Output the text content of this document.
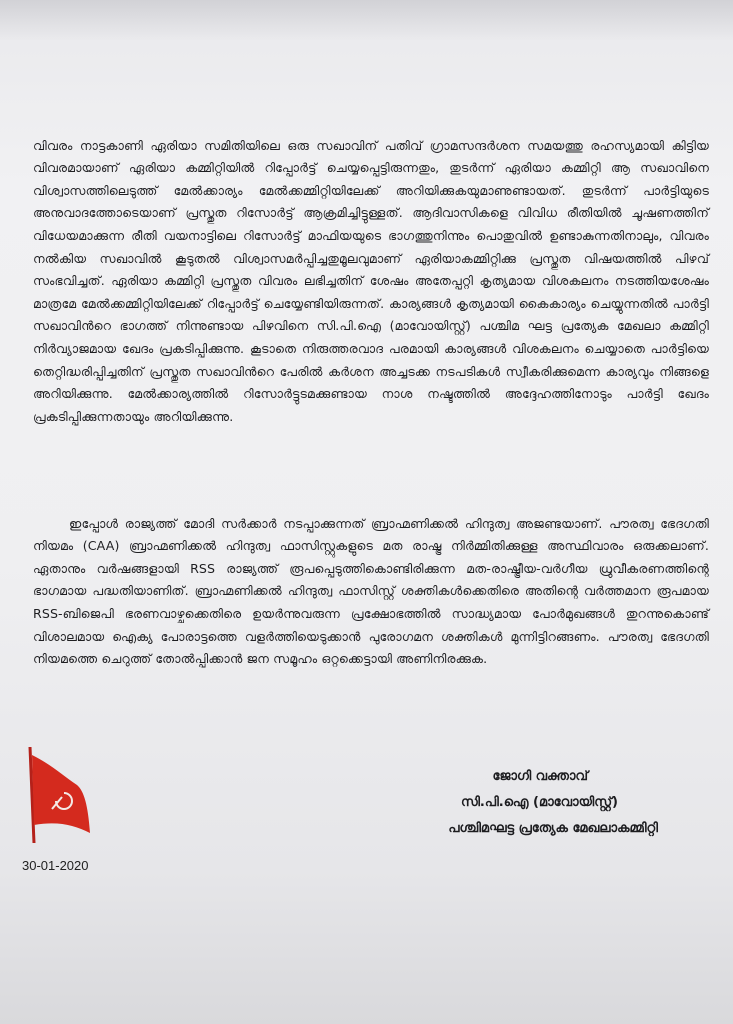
വിവരം നാട്ടകാണി ഏരിയാ സമിതിയിലെ ഒരു സഖാവിന് പതിവ് ഗ്രാമസന്ദർശന സമയത്തു രഹസ്യമായി കിട്ടിയ വിവരമായാണ് ഏരിയാ കമ്മിറ്റിയിൽ റിപ്പോർട്ട് ചെയ്യപ്പെട്ടിരുന്നതും, തുടർന്ന് ഏരിയാ കമ്മിറ്റി ആ സഖാവിനെ വിശ്വാസത്തിലെടുത്ത് മേൽക്കാര്യം മേൽക്കമ്മിറ്റിയിലേക്ക് അറിയിക്കുകയുമാണുണ്ടായത്. തുടർന്ന് പാർട്ടിയുടെ അനുവാദത്തോടെയാണ് പ്രസ്തുത റിസോർട്ട് ആക്രമിച്ചിട്ടുള്ളത്. ആദിവാസികളെ വിവിധ രീതിയിൽ ചൂഷണത്തിന് വിധേയമാക്കുന്ന രീതി വയനാട്ടിലെ റിസോർട്ട് മാഫിയയുടെ ഭാഗത്തുനിന്നും പൊതുവിൽ ഉണ്ടാകുന്നതിനാലും, വിവരം നൽകിയ സഖാവിൽ കൂടുതൽ വിശ്വാസമർപ്പിച്ചതുമൂലവുമാണ് ഏരിയാകമ്മിറ്റിക്കു പ്രസ്തുത വിഷയത്തിൽ പിഴവ് സംഭവിച്ചത്. ഏരിയാ കമ്മിറ്റി പ്രസ്തുത വിവരം ലഭിച്ചതിന് ശേഷം അതേപ്പറ്റി കൃത്യമായ വിശകലനം നടത്തിയശേഷം മാത്രമേ മേൽക്കമ്മിറ്റിയിലേക്ക് റിപ്പോർട്ട് ചെയ്യേണ്ടിയിരുന്നത്. കാര്യങ്ങൾ കൃത്യമായി കൈകാര്യം ചെയ്യുന്നതിൽ പാർട്ടി സഖാവിൻറെ ഭാഗത്ത് നിന്നുണ്ടായ പിഴവിനെ സി.പി.ഐ (മാവോയിസ്റ്റ്) പശ്ചിമ ഘട്ട പ്രത്യേക മേഖലാ കമ്മിറ്റി നിർവ്യാജമായ ഖേദം പ്രകടിപ്പിക്കുന്നു. കൂടാതെ നിരുത്തരവാദ പരമായി കാര്യങ്ങൾ വിശകലനം ചെയ്യാതെ പാർട്ടിയെ തെറ്റിദ്ധരിപ്പിച്ചതിന് പ്രസ്തുത സഖാവിൻറെ പേരിൽ കർശന അച്ചടക്ക നടപടികൾ സ്വീകരിക്കുമെന്ന കാര്യവും നിങ്ങളെ അറിയിക്കുന്നു. മേൽക്കാര്യത്തിൽ റിസോർട്ടുടമക്കുണ്ടായ നാശ നഷ്ടത്തിൽ അദ്ദേഹത്തിനോടും പാർട്ടി ഖേദം പ്രകടിപ്പിക്കുന്നതായും അറിയിക്കുന്നു.

ഇപ്പോൾ രാജ്യത്ത് മോദി സർക്കാർ നടപ്പാക്കുന്നത് ബ്രാഹ്മണിക്കൽ ഹിന്ദുത്വ അജണ്ടയാണ്. പൗരത്വ ഭേദഗതി നിയമം (CAA) ബ്രാഹ്മണിക്കൽ ഹിന്ദുത്വ ഫാസിസ്റ്റുകളുടെ മത രാഷ്ട്ര നിർമ്മിതിക്കുള്ള അസ്ഥിവാരം ഒരുക്കലാണ്. ഏതാനും വർഷങ്ങളായി RSS രാജ്യത്ത് രൂപപ്പെടുത്തികൊണ്ടിരിക്കുന്ന മത-രാഷ്ട്രീയ-വർഗീയ ധ്രുവീകരണത്തിന്റെ ഭാഗമായ പദ്ധതിയാണിത്. ബ്രാഹ്മണിക്കൽ ഹിന്ദുത്വ ഫാസിസ്റ്റ് ശക്തികൾക്കെതിരെ അതിന്റെ വർത്തമാന രൂപമായ RSS-ബിജെപി ഭരണവാഴ്ചക്കെതിരെ ഉയർന്നുവരുന്ന പ്രക്ഷോഭത്തിൽ സാദ്ധ്യമായ പോർമുഖങ്ങൾ തുറന്നുകൊണ്ട് വിശാലമായ ഐക്യ പോരാട്ടത്തെ വളർത്തിയെടുക്കാൻ പുരോഗമന ശക്തികൾ മുന്നിട്ടിറങ്ങണം. പൗരത്വ ഭേദഗതി നിയമത്തെ ചെറുത്ത് തോൽപ്പിക്കാൻ ജന സമൂഹം ഒറ്റക്കെട്ടായി അണിനിരക്കുക.

ജോഗി വക്താവ്
സി.പി.ഐ (മാവോയിസ്റ്റ്)
പശ്ചിമഘട്ട പ്രത്യേക മേഖലാകമ്മിറ്റി
30-01-2020
